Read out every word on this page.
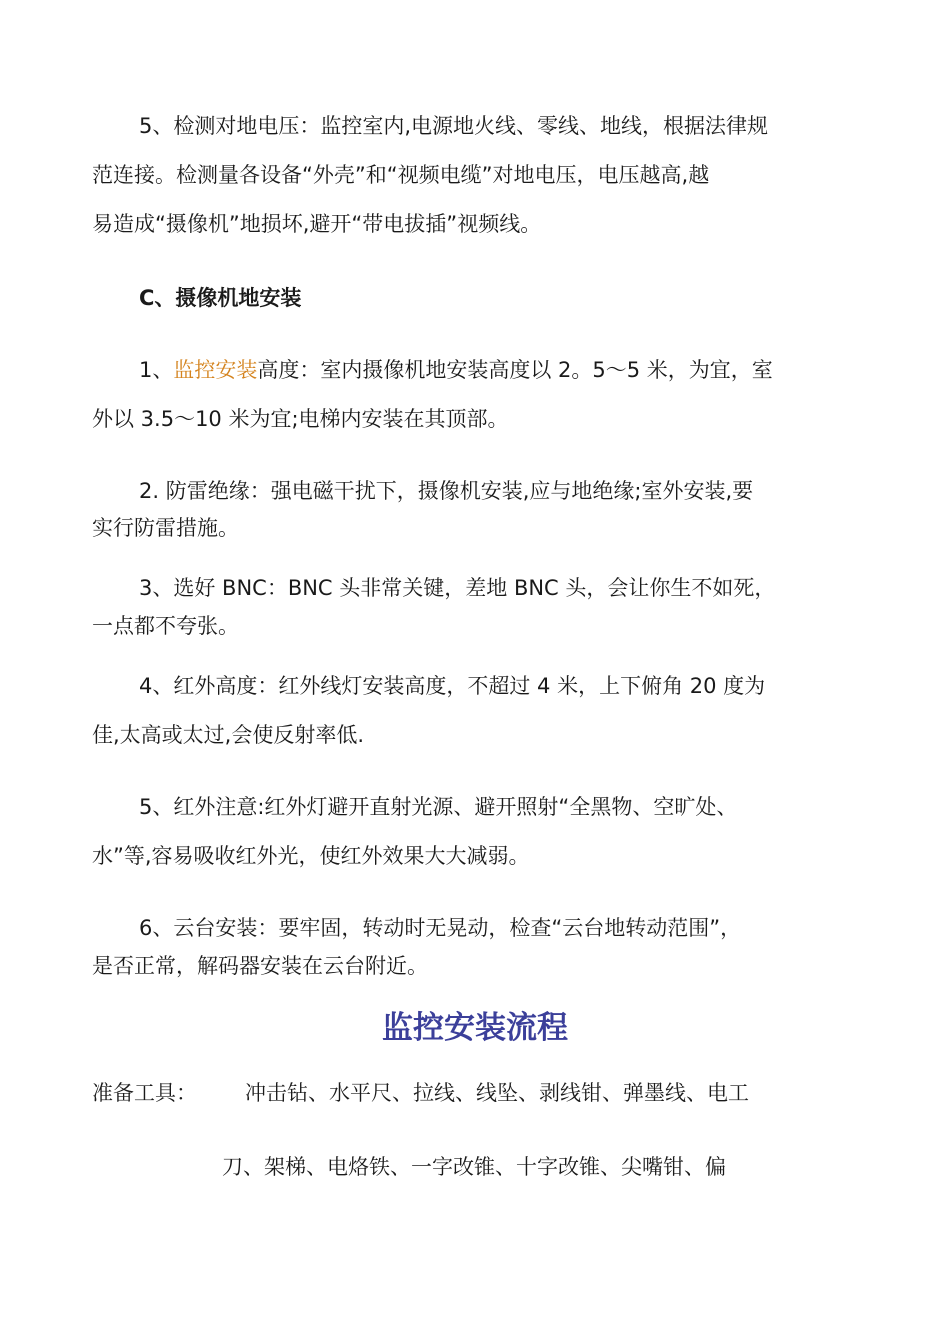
5、检测对地电压：监控室内,电源地火线、零线、地线，根据法律规
范连接。检测量各设备“外壳”和“视频电缆”对地电压，电压越高,越
易造成“摄像机”地损坏,避开“带电拔插”视频线。
C、摄像机地安装
1、监控安装高度：室内摄像机地安装高度以 2。5～5 米，为宜，室
外以 3.5～10 米为宜;电梯内安装在其顶部。
2. 防雷绝缘：强电磁干扰下，摄像机安装,应与地绝缘;室外安装,要
实行防雷措施。
3、选好 BNC：BNC 头非常关键，差地 BNC 头，会让你生不如死，
一点都不夸张。
4、红外高度：红外线灯安装高度，不超过 4 米，上下俯角 20 度为
佳,太高或太过,会使反射率低.
5、红外注意:红外灯避开直射光源、避开照射“全黑物、空旷处、
水”等,容易吸收红外光，使红外效果大大减弱。
6、云台安装：要牢固，转动时无晃动，检查“云台地转动范围”，
是否正常，解码器安装在云台附近。
监控安装流程
准备工具： 冲击钻、水平尺、拉线、线坠、剥线钳、弹墨线、电工
刀、架梯、电烙铁、一字改锥、十字改锥、尖嘴钳、偏
